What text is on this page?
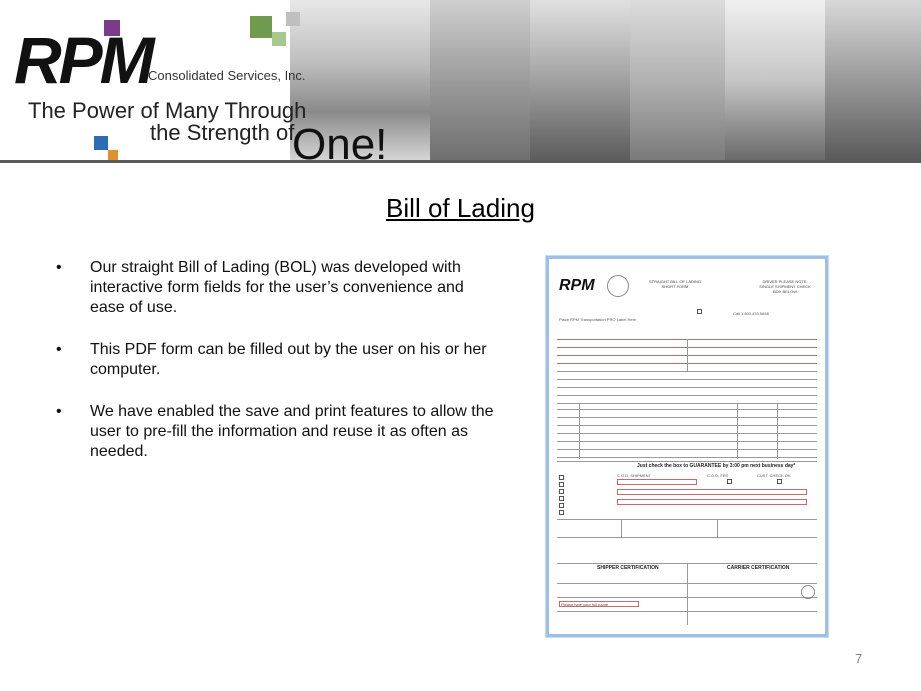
RPM
Consolidated Services, Inc.
The Power of Many Through
the Strength of
One!
Bill of Lading
• Our straight Bill of Lading (BOL) was developed with interactive form fields for the user’s convenience and ease of use.
• This PDF form can be filled out by the user on his or her computer.
• We have enabled the save and print features to allow the user to pre-fill the information and reuse it as often as needed.
RPM	STRAIGHT BILL OF LADING SHORT FORM
DRIVER PLEASE NOTE: SINGLE SHIPMENT CHECK BOX BELOW
Place RPM Transportation PRO Label Here
Call 1.800.433.5848
Just check the box to GUARANTEE by 3:00 pm next business day*
C.O.D. SHIPMENT	C.O.D. FEE	CUST. CHECK OK
SHIPPER CERTIFICATION	CARRIER CERTIFICATION
Please type your full name
7
